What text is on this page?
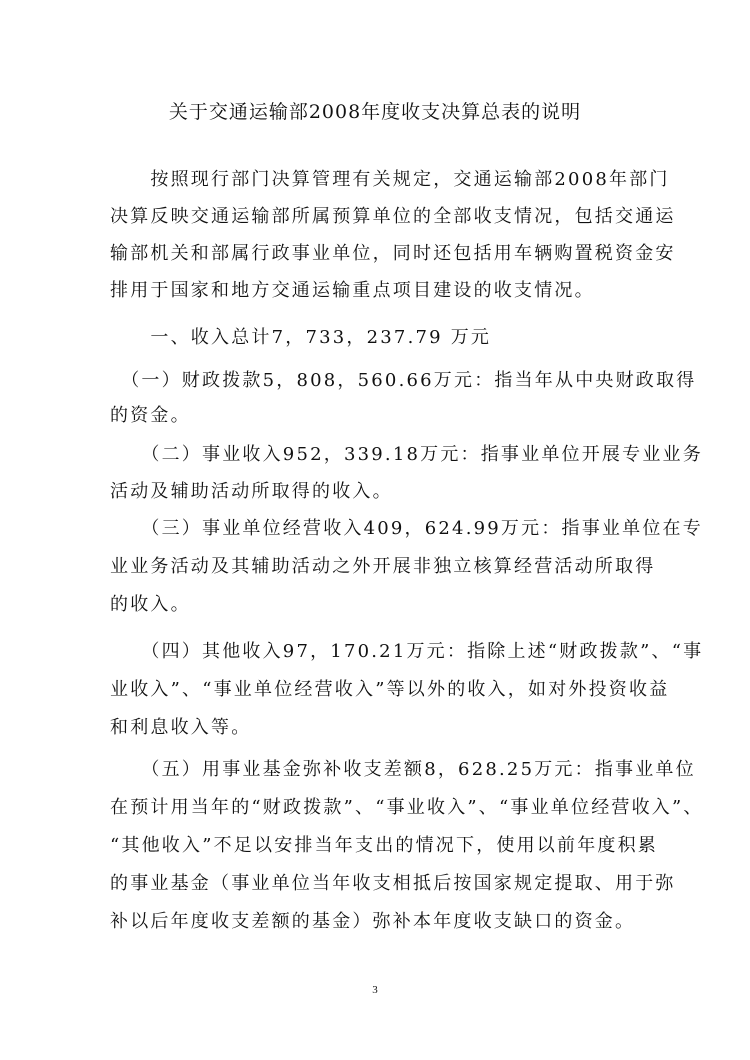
关于交通运输部2008年度收支决算总表的说明
　　按照现行部门决算管理有关规定，交通运输部2008年部门
决算反映交通运输部所属预算单位的全部收支情况，包括交通运
输部机关和部属行政事业单位，同时还包括用车辆购置税资金安
排用于国家和地方交通运输重点项目建设的收支情况。
　　一、收入总计7，733，237.79 万元
　（一）财政拨款5，808，560.66万元：指当年从中央财政取得
的资金。
　　（二）事业收入952，339.18万元：指事业单位开展专业业务
活动及辅助活动所取得的收入。
　　（三）事业单位经营收入409，624.99万元：指事业单位在专
业业务活动及其辅助活动之外开展非独立核算经营活动所取得
的收入。
　　（四）其他收入97，170.21万元：指除上述“财政拨款”、“事
业收入”、“事业单位经营收入”等以外的收入，如对外投资收益
和利息收入等。
　　（五）用事业基金弥补收支差额8，628.25万元：指事业单位
在预计用当年的“财政拨款”、“事业收入”、“事业单位经营收入”、
“其他收入”不足以安排当年支出的情况下，使用以前年度积累
的事业基金（事业单位当年收支相抵后按国家规定提取、用于弥
补以后年度收支差额的基金）弥补本年度收支缺口的资金。
3
